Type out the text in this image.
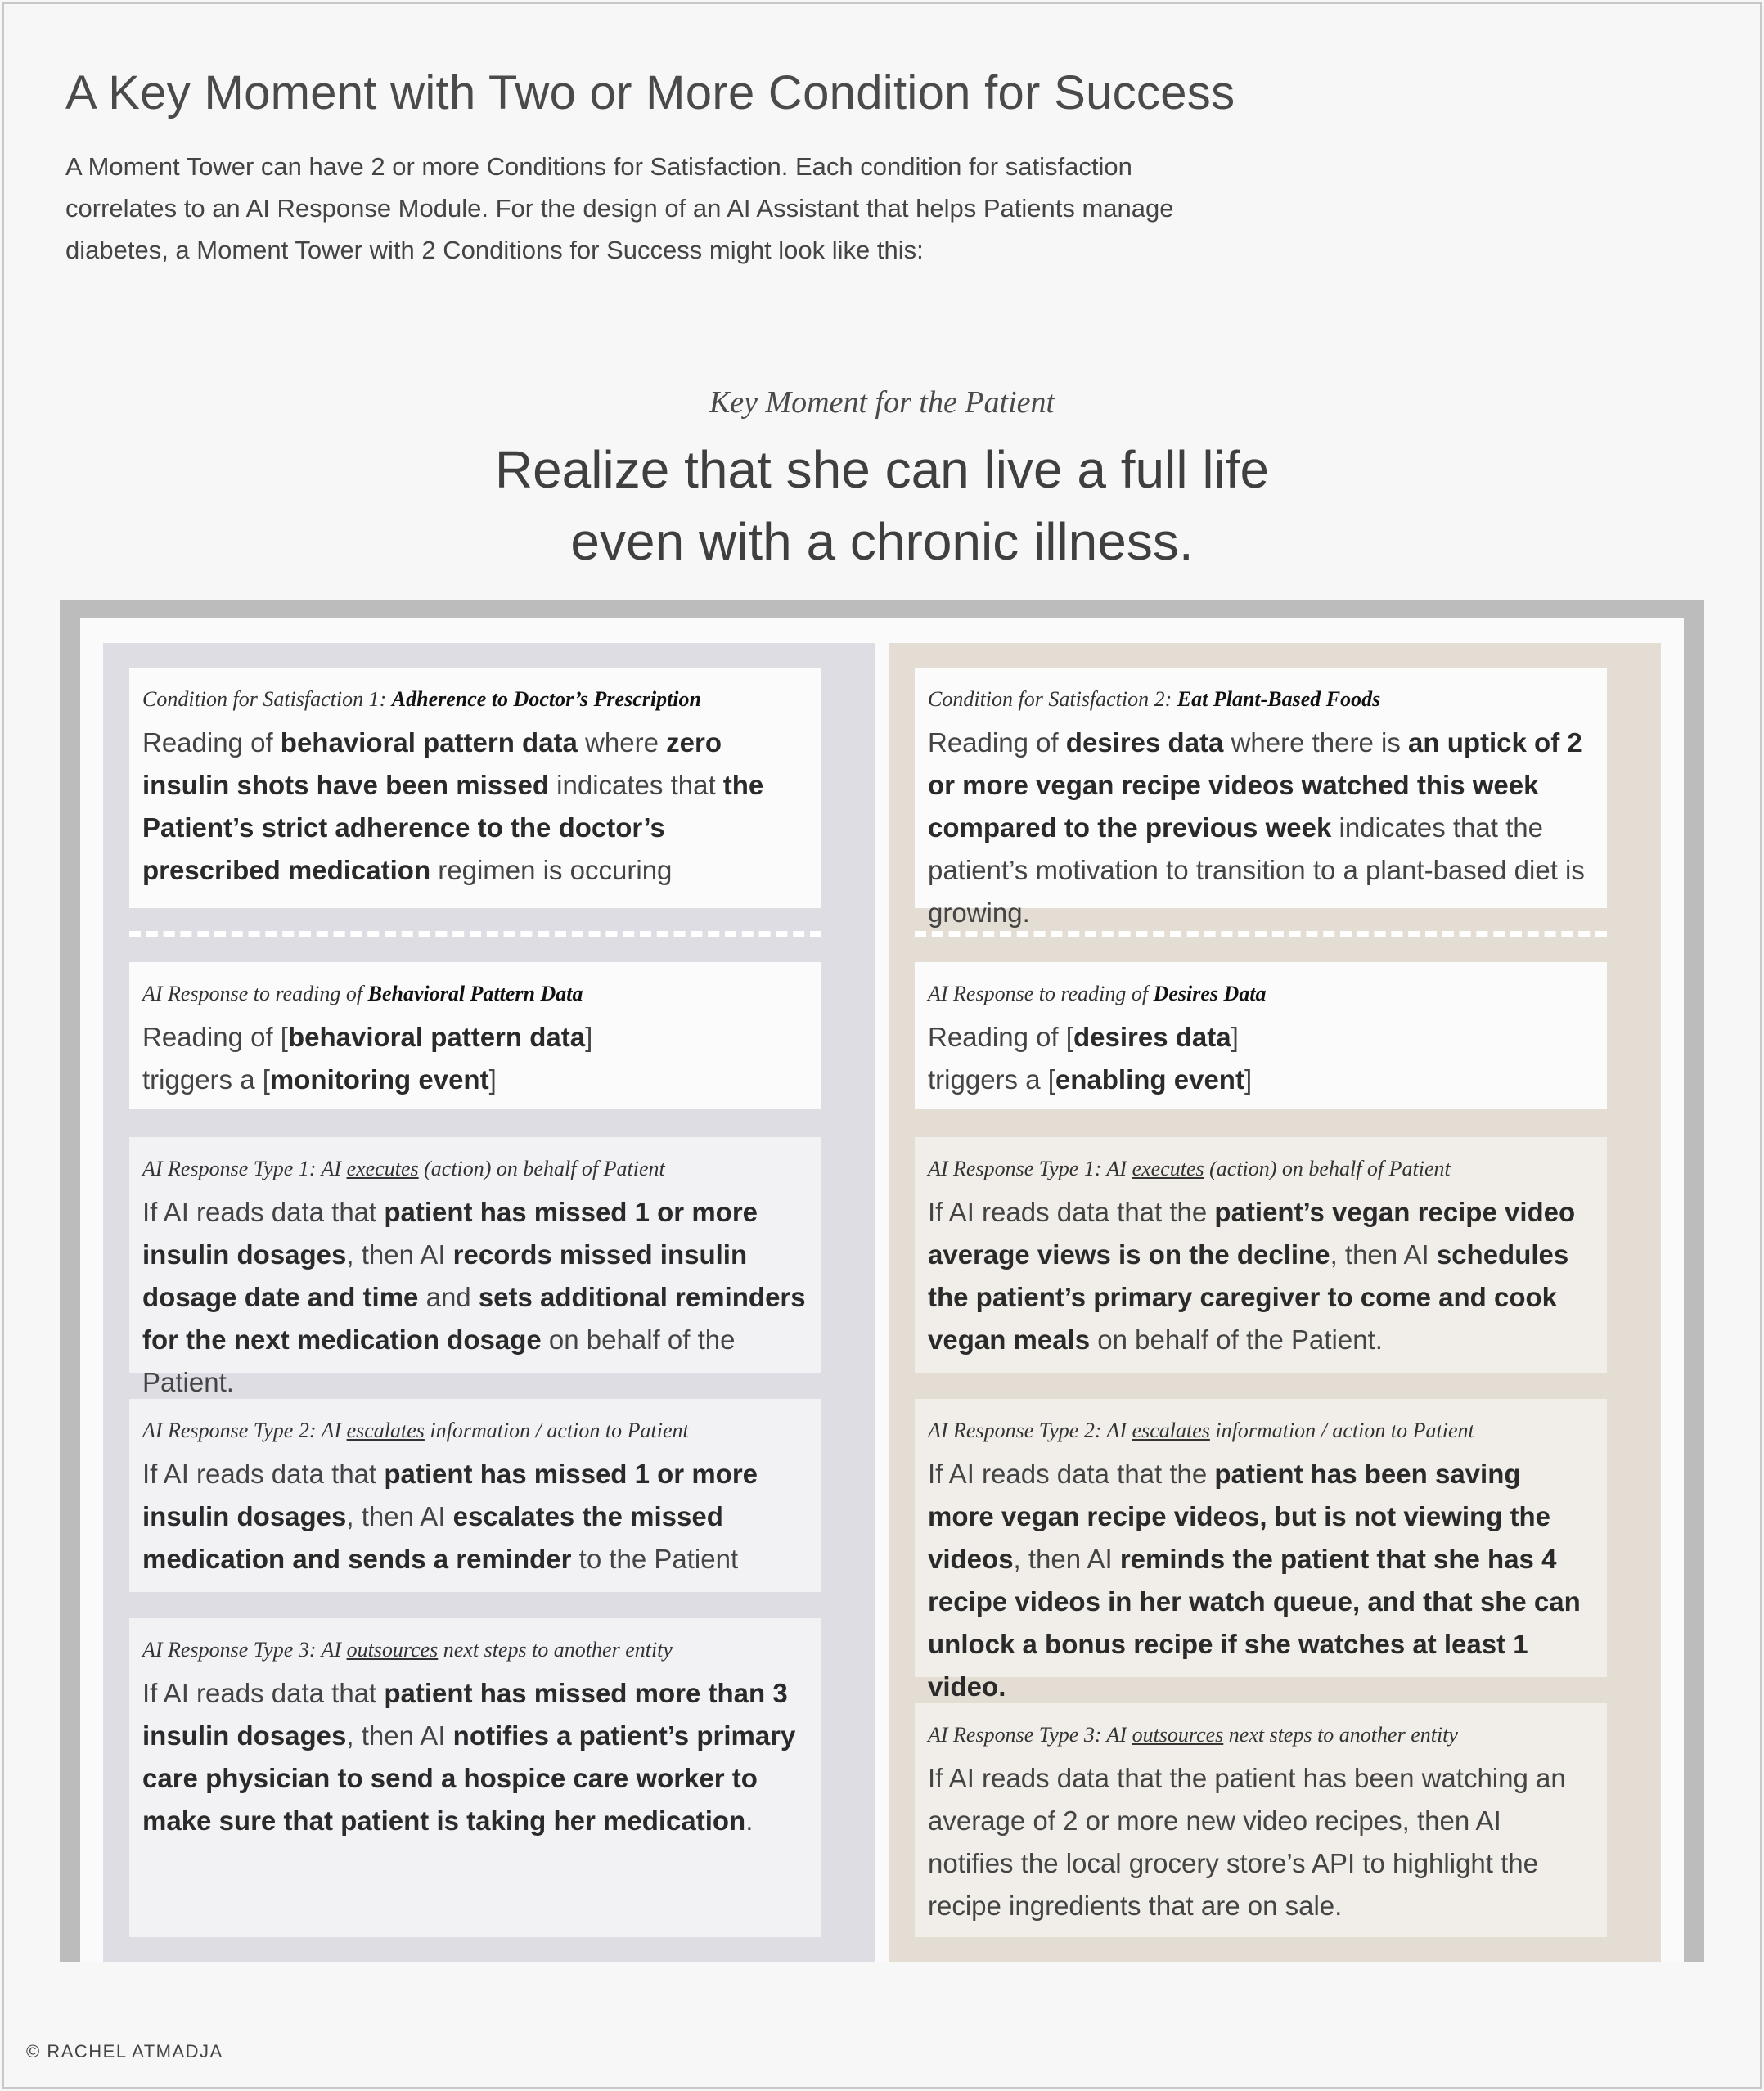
A Key Moment with Two or More Condition for Success

A Moment Tower can have 2 or more Conditions for Satisfaction. Each condition for satisfaction correlates to an AI Response Module. For the design of an AI Assistant that helps Patients manage diabetes, a Moment Tower with 2 Conditions for Success might look like this:

Key Moment for the Patient
Realize that she can live a full life
even with a chronic illness.

Condition for Satisfaction 1: Adherence to Doctor’s Prescription

Reading of behavioral pattern data where zero insulin shots have been missed indicates that the Patient’s strict adherence to the doctor’s prescribed medication regimen is occuring

AI Response to reading of Behavioral Pattern Data

Reading of [behavioral pattern data]
triggers a [monitoring event]

AI Response Type 1: AI executes (action) on behalf of Patient

If AI reads data that patient has missed 1 or more insulin dosages, then AI records missed insulin dosage date and time and sets additional reminders for the next medication dosage on behalf of the Patient.

AI Response Type 2: AI escalates information / action to Patient

If AI reads data that patient has missed 1 or more insulin dosages, then AI escalates the missed medication and sends a reminder to the Patient

AI Response Type 3: AI outsources next steps to another entity

If AI reads data that patient has missed more than 3 insulin dosages, then AI notifies a patient’s primary care physician to send a hospice care worker to make sure that patient is taking her medication.

Condition for Satisfaction 2: Eat Plant-Based Foods

Reading of desires data where there is an uptick of 2 or more vegan recipe videos watched this week compared to the previous week indicates that the patient’s motivation to transition to a plant-based diet is growing.

AI Response to reading of Desires Data

Reading of [desires data]
triggers a [enabling event]

AI Response Type 1: AI executes (action) on behalf of Patient

If AI reads data that the patient’s vegan recipe video average views is on the decline, then AI schedules the patient’s primary caregiver to come and cook vegan meals on behalf of the Patient.

AI Response Type 2: AI escalates information / action to Patient

If AI reads data that the patient has been saving more vegan recipe videos, but is not viewing the videos, then AI reminds the patient that she has 4 recipe videos in her watch queue, and that she can unlock a bonus recipe if she watches at least 1 video.

AI Response Type 3: AI outsources next steps to another entity

If AI reads data that the patient has been watching an average of 2 or more new video recipes, then AI notifies the local grocery store’s API to highlight the recipe ingredients that are on sale.

© RACHEL ATMADJA
